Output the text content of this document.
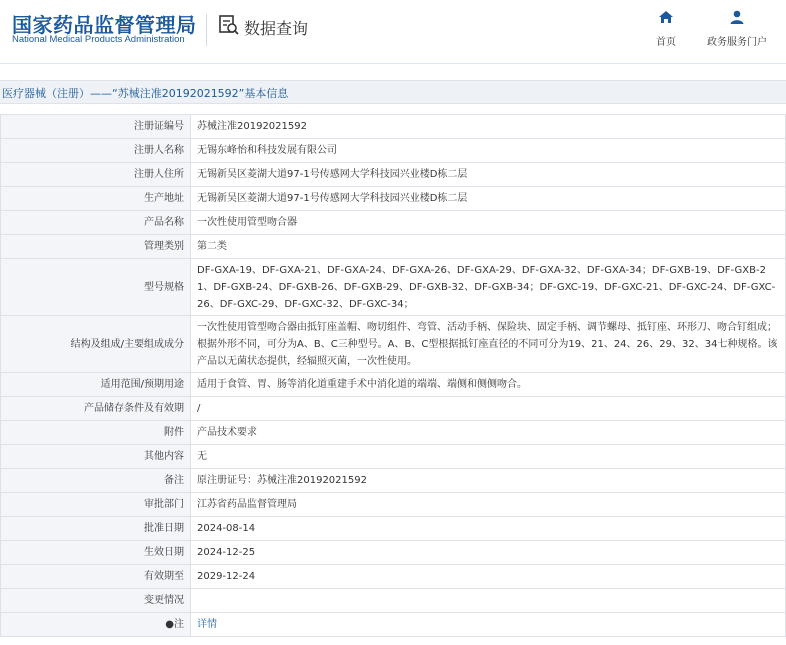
国家药品监督管理局
National Medical Products Administration
数据查询
首页	政务服务门户
医疗器械（注册）——“苏械注准20192021592”基本信息
注册证编号	苏械注准20192021592
注册人名称	无锡东峰怡和科技发展有限公司
注册人住所	无锡新吴区菱湖大道97-1号传感网大学科技园兴业楼D栋二层
生产地址	无锡新吴区菱湖大道97-1号传感网大学科技园兴业楼D栋二层
产品名称	一次性使用管型吻合器
管理类别	第二类
型号规格	DF-GXA-19、DF-GXA-21、DF-GXA-24、DF-GXA-26、DF-GXA-29、DF-GXA-32、DF-GXA-34；DF-GXB-19、DF-GXB-21、DF-GXB-24、DF-GXB-26、DF-GXB-29、DF-GXB-32、DF-GXB-34；DF-GXC-19、DF-GXC-21、DF-GXC-24、DF-GXC-26、DF-GXC-29、DF-GXC-32、DF-GXC-34；
结构及组成/主要组成成分	一次性使用管型吻合器由抵钉座盖帽、吻切组件、弯管、活动手柄、保险块、固定手柄、调节螺母、抵钉座、环形刀、吻合钉组成；根据外形不同，可分为A、B、C三种型号。A、B、C型根据抵钉座直径的不同可分为19、21、24、26、29、32、34七种规格。该产品以无菌状态提供，经辐照灭菌，一次性使用。
适用范围/预期用途	适用于食管、胃、肠等消化道重建手术中消化道的端端、端侧和侧侧吻合。
产品储存条件及有效期	/
附件	产品技术要求
其他内容	无
备注	原注册证号：苏械注准20192021592
审批部门	江苏省药品监督管理局
批准日期	2024-08-14
生效日期	2024-12-25
有效期至	2029-12-24
变更情况	
●注	详情
